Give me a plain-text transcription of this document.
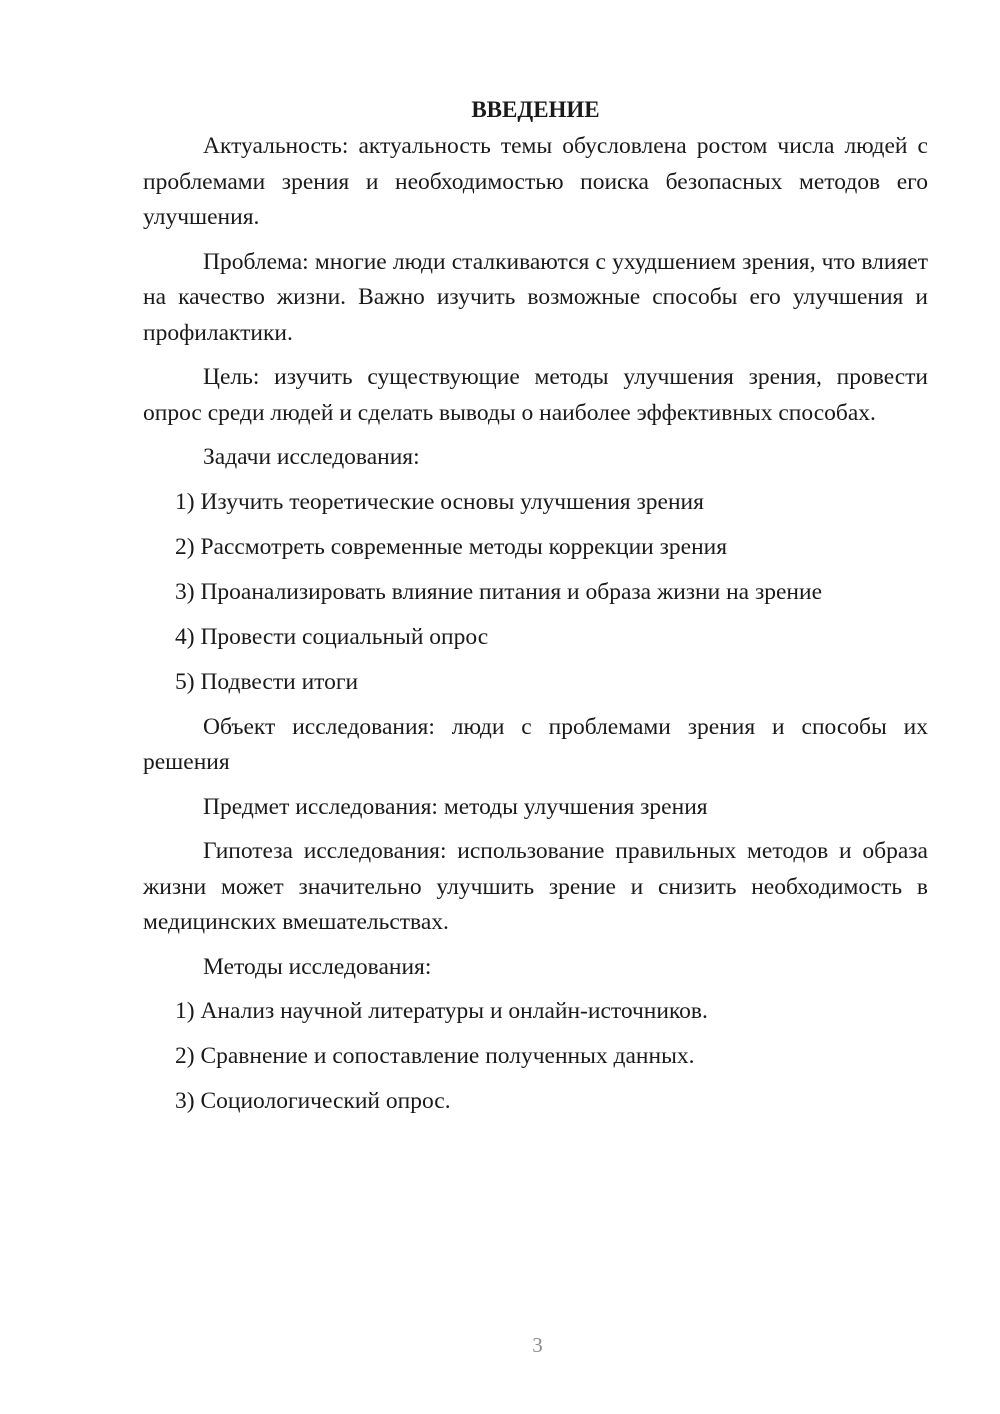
ВВЕДЕНИЕ

Актуальность: актуальность темы обусловлена ростом числа людей с проблемами зрения и необходимостью поиска безопасных методов его улучшения.

Проблема: многие люди сталкиваются с ухудшением зрения, что влияет на качество жизни. Важно изучить возможные способы его улучшения и профилактики.

Цель: изучить существующие методы улучшения зрения, провести опрос среди людей и сделать выводы о наиболее эффективных способах.

Задачи исследования:

1) Изучить теоретические основы улучшения зрения

2) Рассмотреть современные методы коррекции зрения

3) Проанализировать влияние питания и образа жизни на зрение

4) Провести социальный опрос

5) Подвести итоги

Объект исследования: люди с проблемами зрения и способы их решения

Предмет исследования: методы улучшения зрения

Гипотеза исследования: использование правильных методов и образа жизни может значительно улучшить зрение и снизить необходимость в медицинских вмешательствах.

Методы исследования:

1) Анализ научной литературы и онлайн-источников.

2) Сравнение и сопоставление полученных данных.

3) Социологический опрос.

3
